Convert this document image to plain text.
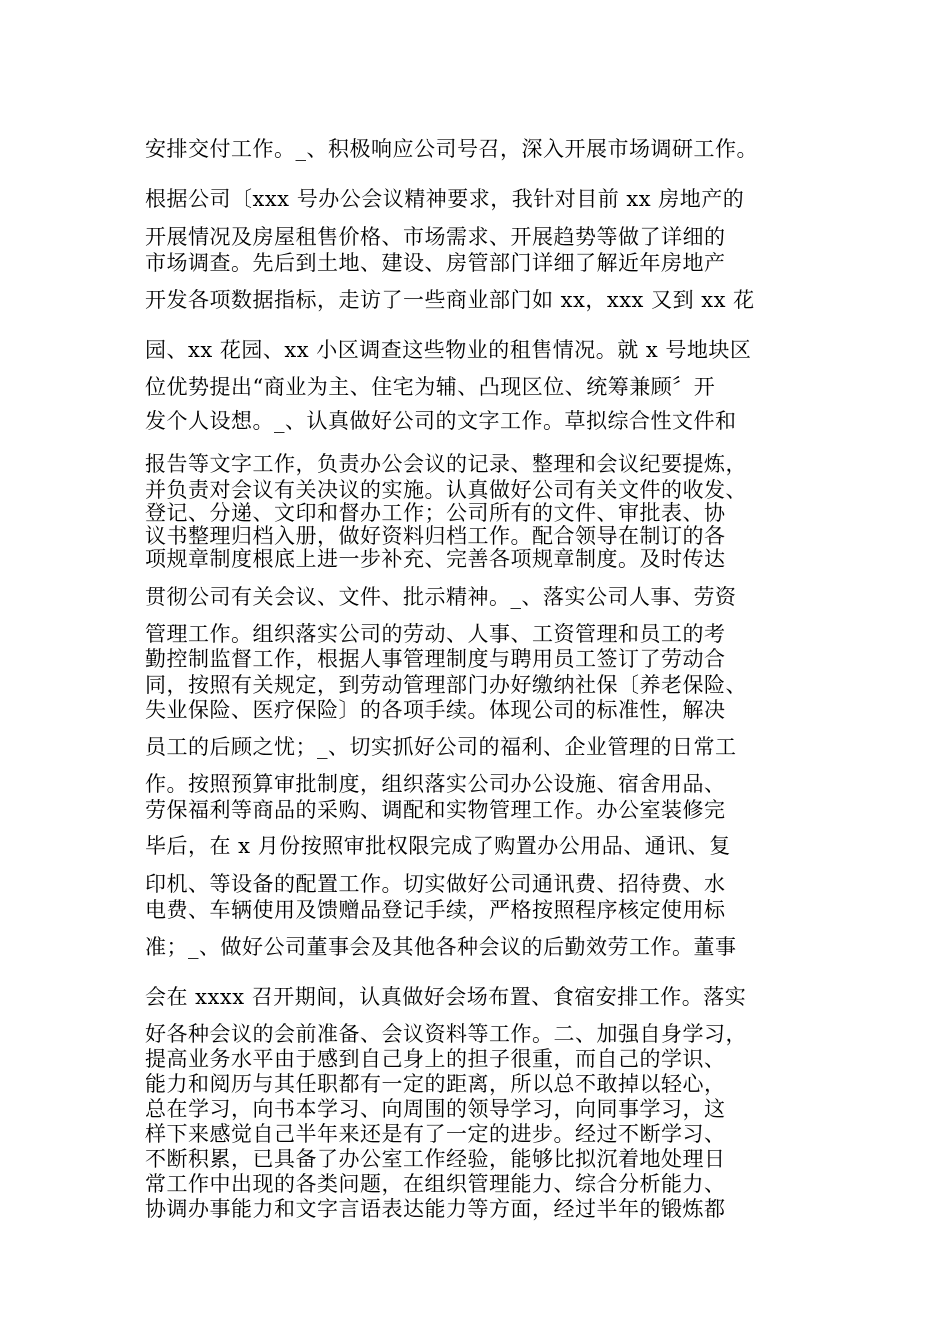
安排交付工作。_、积极响应公司号召，深入开展市场调研工作。

根据公司〔xxx 号办公会议精神要求，我针对目前 xx 房地产的

开展情况及房屋租售价格、市场需求、开展趋势等做了详细的

市场调查。先后到土地、建设、房管部门详细了解近年房地产

开发各项数据指标，走访了一些商业部门如 xx，xxx 又到 xx 花

园、xx 花园、xx 小区调查这些物业的租售情况。就 x 号地块区

位优势提出“商业为主、住宅为辅、凸现区位、统筹兼顾〞开

发个人设想。_、认真做好公司的文字工作。草拟综合性文件和

报告等文字工作，负责办公会议的记录、整理和会议纪要提炼，

并负责对会议有关决议的实施。认真做好公司有关文件的收发、

登记、分递、文印和督办工作；公司所有的文件、审批表、协

议书整理归档入册，做好资料归档工作。配合领导在制订的各

项规章制度根底上进一步补充、完善各项规章制度。及时传达

贯彻公司有关会议、文件、批示精神。_、落实公司人事、劳资

管理工作。组织落实公司的劳动、人事、工资管理和员工的考

勤控制监督工作，根据人事管理制度与聘用员工签订了劳动合

同，按照有关规定，到劳动管理部门办好缴纳社保〔养老保险、

失业保险、医疗保险〕的各项手续。体现公司的标准性，解决

员工的后顾之忧；_、切实抓好公司的福利、企业管理的日常工

作。按照预算审批制度，组织落实公司办公设施、宿舍用品、

劳保福利等商品的采购、调配和实物管理工作。办公室装修完

毕后，在 x 月份按照审批权限完成了购置办公用品、通讯、复

印机、等设备的配置工作。切实做好公司通讯费、招待费、水

电费、车辆使用及馈赠品登记手续，严格按照程序核定使用标

准；_、做好公司董事会及其他各种会议的后勤效劳工作。董事

会在 xxxx 召开期间，认真做好会场布置、食宿安排工作。落实

好各种会议的会前准备、会议资料等工作。二、加强自身学习，

提高业务水平由于感到自己身上的担子很重，而自己的学识、

能力和阅历与其任职都有一定的距离，所以总不敢掉以轻心，

总在学习，向书本学习、向周围的领导学习，向同事学习，这

样下来感觉自己半年来还是有了一定的进步。经过不断学习、

不断积累，已具备了办公室工作经验，能够比拟沉着地处理日

常工作中出现的各类问题，在组织管理能力、综合分析能力、

协调办事能力和文字言语表达能力等方面，经过半年的锻炼都
